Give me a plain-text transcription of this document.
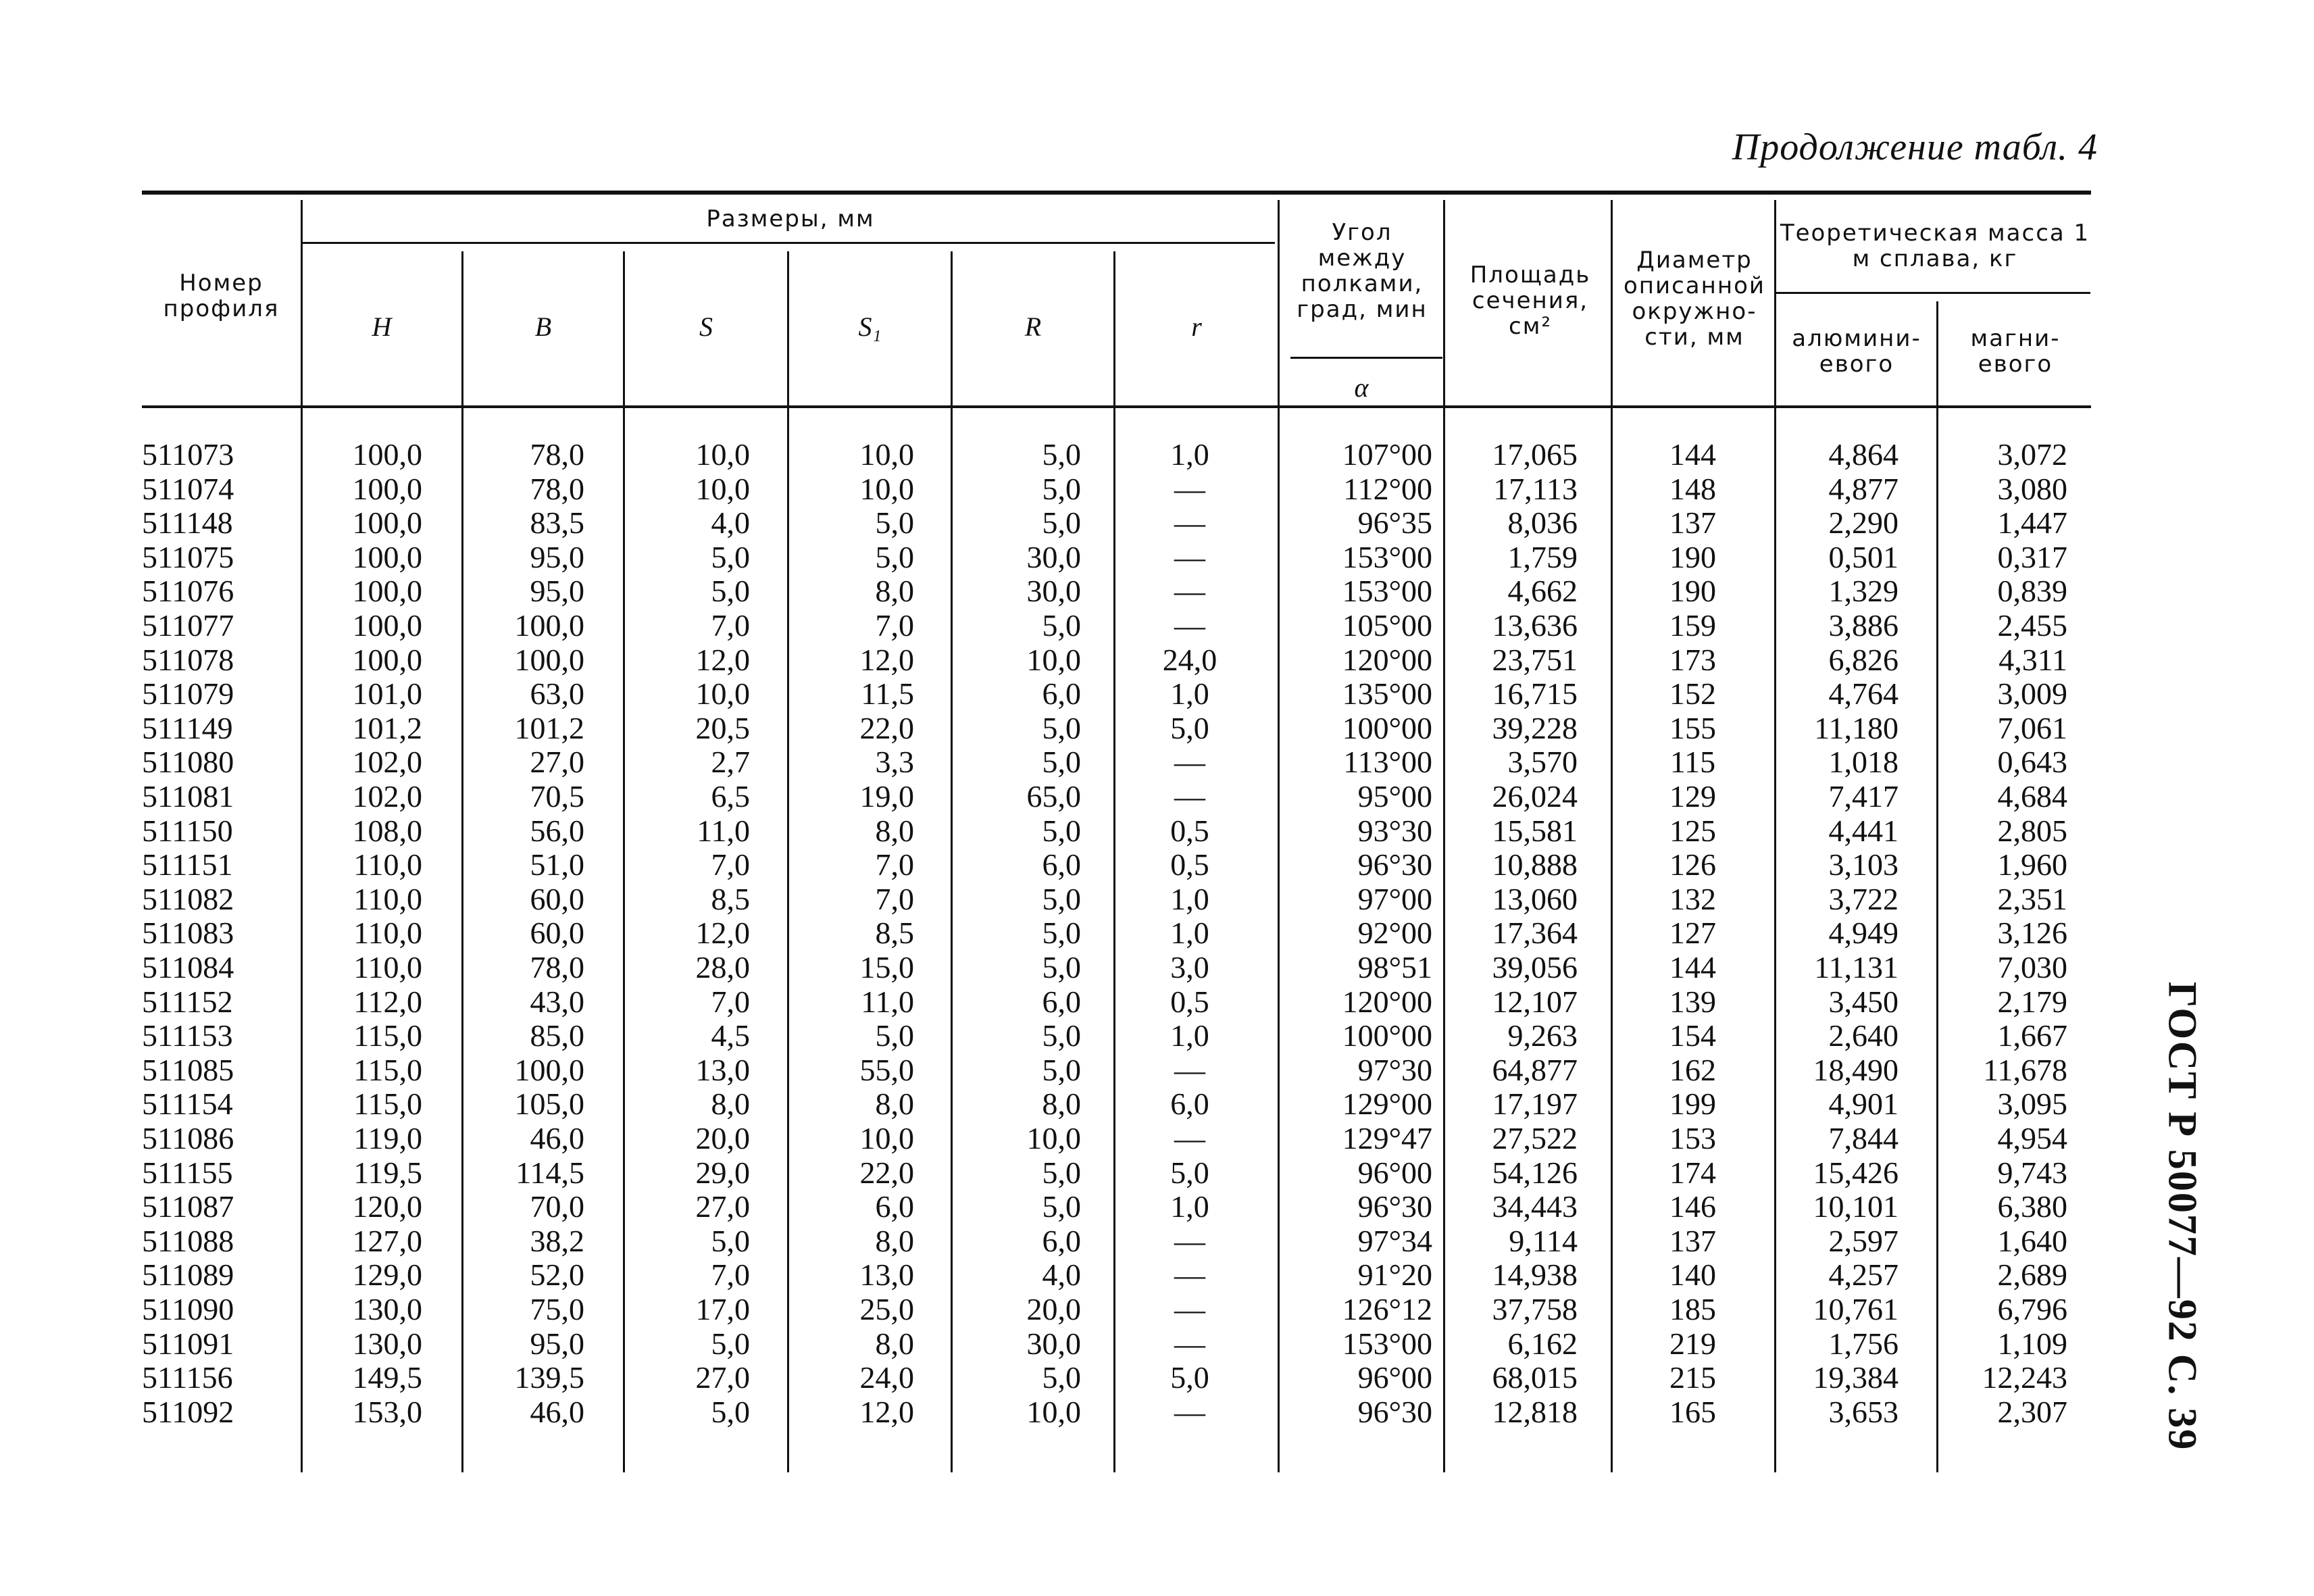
Продолжение табл. 4
ГОСТ Р 50077—92 С. 39
Номер профиля
Размеры, мм
H	B	S	S₁	R	r
Угол между полками, град, мин
α
Площадь сечения, см²
Диаметр описанной окружно-сти, мм
Теоретическая масса 1 м сплава, кг
алюмини-евого
магни-евого
511073	100,0	78,0	10,0	10,0	5,0	1,0	107°00	17,065	144	4,864	3,072
511074	100,0	78,0	10,0	10,0	5,0	—	112°00	17,113	148	4,877	3,080
511148	100,0	83,5	4,0	5,0	5,0	—	96°35	8,036	137	2,290	1,447
511075	100,0	95,0	5,0	5,0	30,0	—	153°00	1,759	190	0,501	0,317
511076	100,0	95,0	5,0	8,0	30,0	—	153°00	4,662	190	1,329	0,839
511077	100,0	100,0	7,0	7,0	5,0	—	105°00	13,636	159	3,886	2,455
511078	100,0	100,0	12,0	12,0	10,0	24,0	120°00	23,751	173	6,826	4,311
511079	101,0	63,0	10,0	11,5	6,0	1,0	135°00	16,715	152	4,764	3,009
511149	101,2	101,2	20,5	22,0	5,0	5,0	100°00	39,228	155	11,180	7,061
511080	102,0	27,0	2,7	3,3	5,0	—	113°00	3,570	115	1,018	0,643
511081	102,0	70,5	6,5	19,0	65,0	—	95°00	26,024	129	7,417	4,684
511150	108,0	56,0	11,0	8,0	5,0	0,5	93°30	15,581	125	4,441	2,805
511151	110,0	51,0	7,0	7,0	6,0	0,5	96°30	10,888	126	3,103	1,960
511082	110,0	60,0	8,5	7,0	5,0	1,0	97°00	13,060	132	3,722	2,351
511083	110,0	60,0	12,0	8,5	5,0	1,0	92°00	17,364	127	4,949	3,126
511084	110,0	78,0	28,0	15,0	5,0	3,0	98°51	39,056	144	11,131	7,030
511152	112,0	43,0	7,0	11,0	6,0	0,5	120°00	12,107	139	3,450	2,179
511153	115,0	85,0	4,5	5,0	5,0	1,0	100°00	9,263	154	2,640	1,667
511085	115,0	100,0	13,0	55,0	5,0	—	97°30	64,877	162	18,490	11,678
511154	115,0	105,0	8,0	8,0	8,0	6,0	129°00	17,197	199	4,901	3,095
511086	119,0	46,0	20,0	10,0	10,0	—	129°47	27,522	153	7,844	4,954
511155	119,5	114,5	29,0	22,0	5,0	5,0	96°00	54,126	174	15,426	9,743
511087	120,0	70,0	27,0	6,0	5,0	1,0	96°30	34,443	146	10,101	6,380
511088	127,0	38,2	5,0	8,0	6,0	—	97°34	9,114	137	2,597	1,640
511089	129,0	52,0	7,0	13,0	4,0	—	91°20	14,938	140	4,257	2,689
511090	130,0	75,0	17,0	25,0	20,0	—	126°12	37,758	185	10,761	6,796
511091	130,0	95,0	5,0	8,0	30,0	—	153°00	6,162	219	1,756	1,109
511156	149,5	139,5	27,0	24,0	5,0	5,0	96°00	68,015	215	19,384	12,243
511092	153,0	46,0	5,0	12,0	10,0	—	96°30	12,818	165	3,653	2,307
